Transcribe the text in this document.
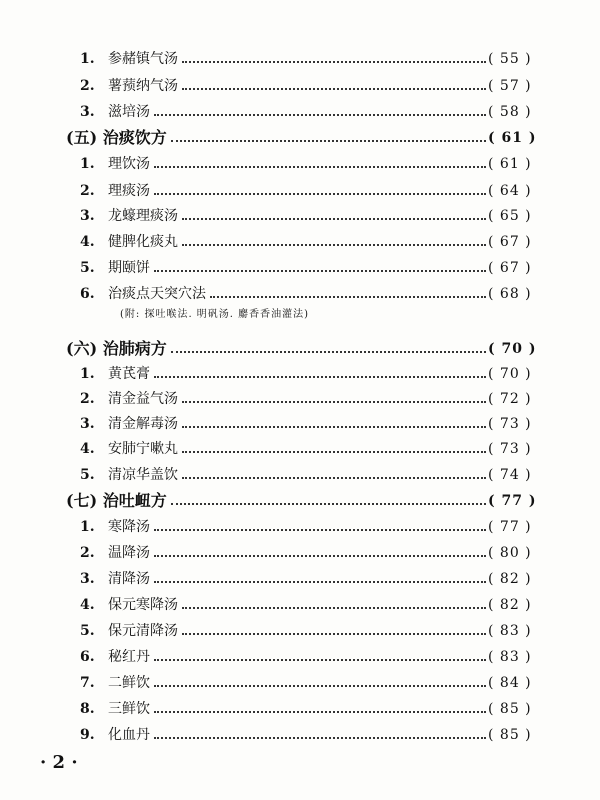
1. 参赭镇气汤	( 55 )
2. 薯蓣纳气汤	( 57 )
3. 滋培汤	( 58 )
(五) 治痰饮方	( 61 )
1. 理饮汤	( 61 )
2. 理痰汤	( 64 )
3. 龙蠔理痰汤	( 65 )
4. 健脾化痰丸	( 67 )
5. 期颐饼	( 67 )
6. 治痰点天突穴法	( 68 )
(六) 治肺病方	( 70 )
1. 黄芪膏	( 70 )
2. 清金益气汤	( 72 )
3. 清金解毒汤	( 73 )
4. 安肺宁嗽丸	( 73 )
5. 清凉华盖饮	( 74 )
(七) 治吐衄方	( 77 )
1. 寒降汤	( 77 )
2. 温降汤	( 80 )
3. 清降汤	( 82 )
4. 保元寒降汤	( 82 )
5. 保元清降汤	( 83 )
6. 秘红丹	( 83 )
7. 二鲜饮	( 84 )
8. 三鲜饮	( 85 )
9. 化血丹	( 85 )
(附: 探吐喉法. 明矾汤. 麝香香油灌法)
· 2 ·
